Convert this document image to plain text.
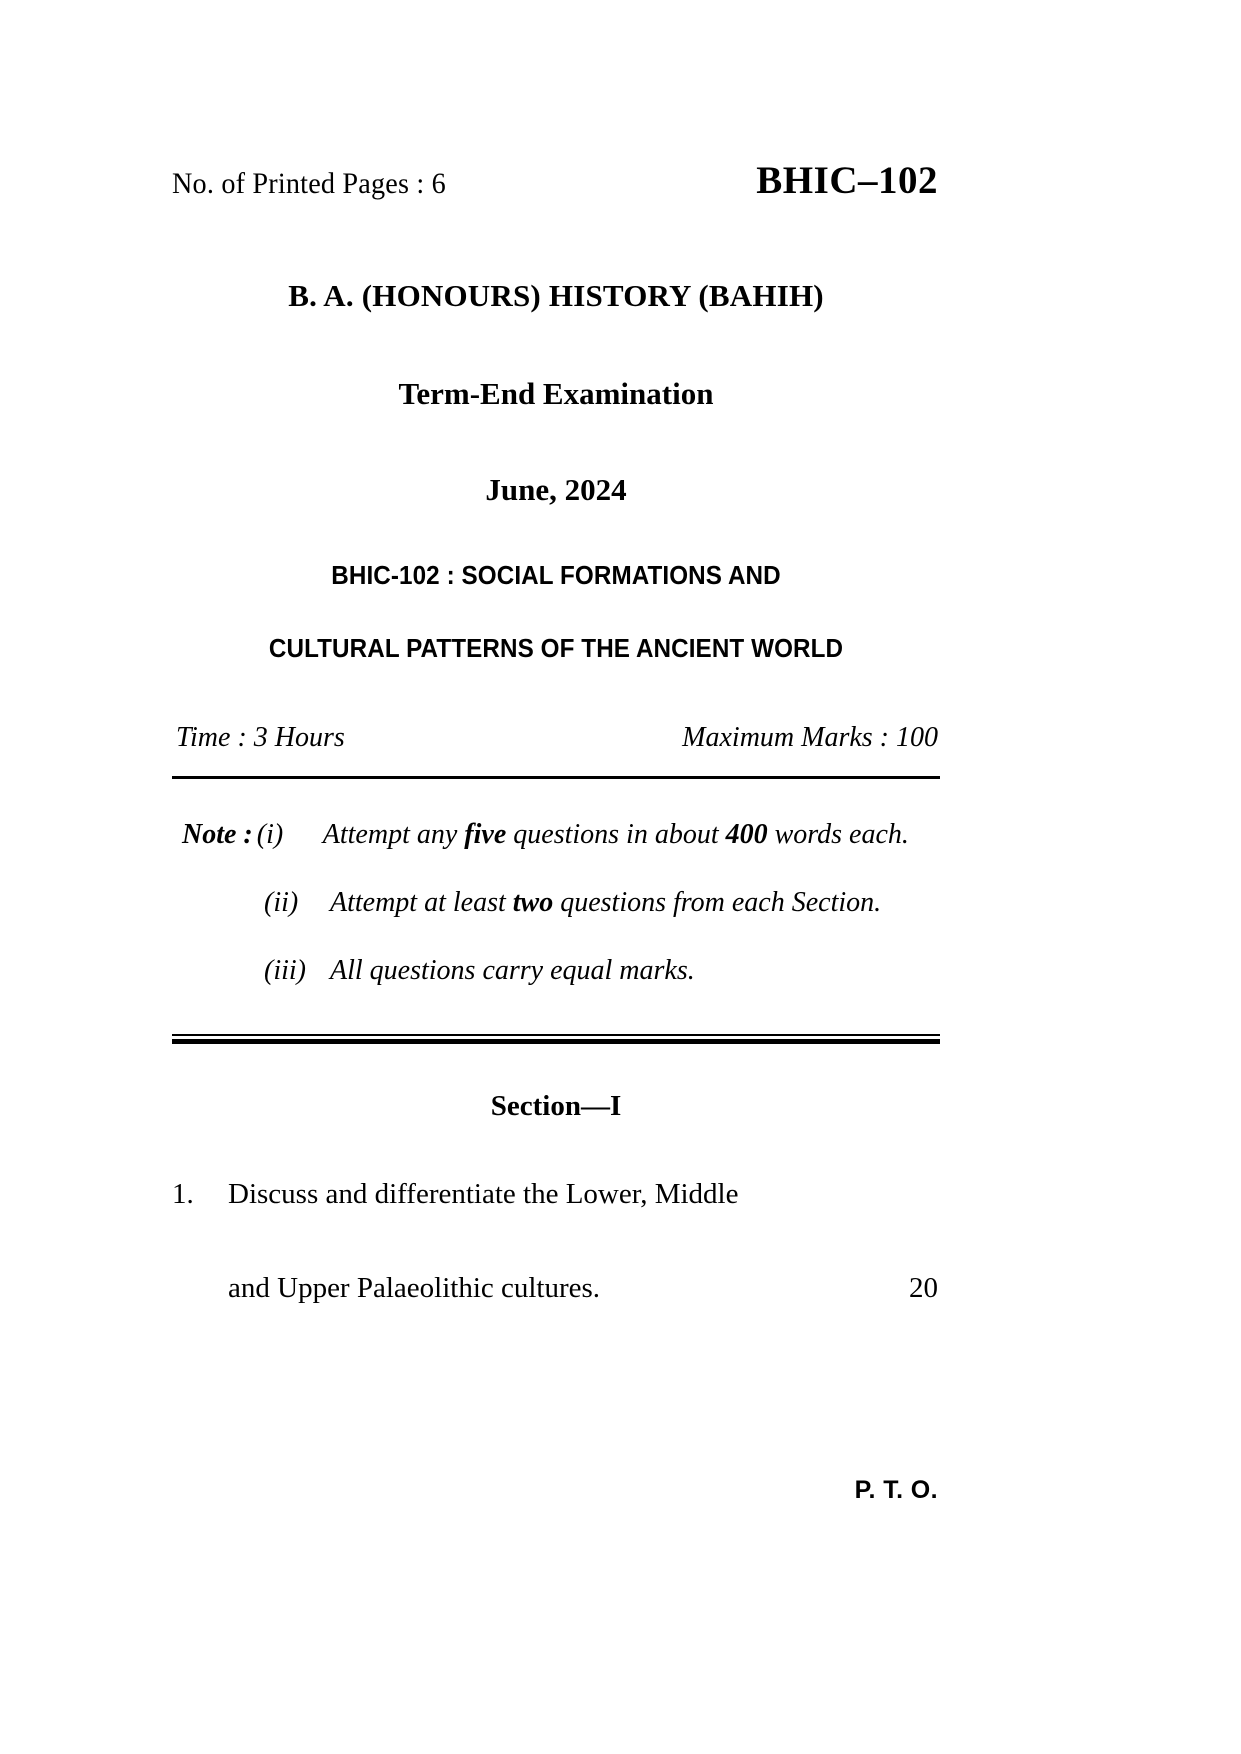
No. of Printed Pages : 6	BHIC–102
B. A. (HONOURS) HISTORY (BAHIH)
Term-End Examination
June, 2024
BHIC-102 : SOCIAL FORMATIONS AND
CULTURAL PATTERNS OF THE ANCIENT WORLD
Time : 3 Hours	Maximum Marks : 100
Note : (i)	Attempt any five questions in about 400 words each.
(ii)	Attempt at least two questions from each Section.
(iii) All questions carry equal marks.
Section—I
1.	Discuss and differentiate the Lower, Middle
and Upper Palaeolithic cultures.	20
P. T. O.
